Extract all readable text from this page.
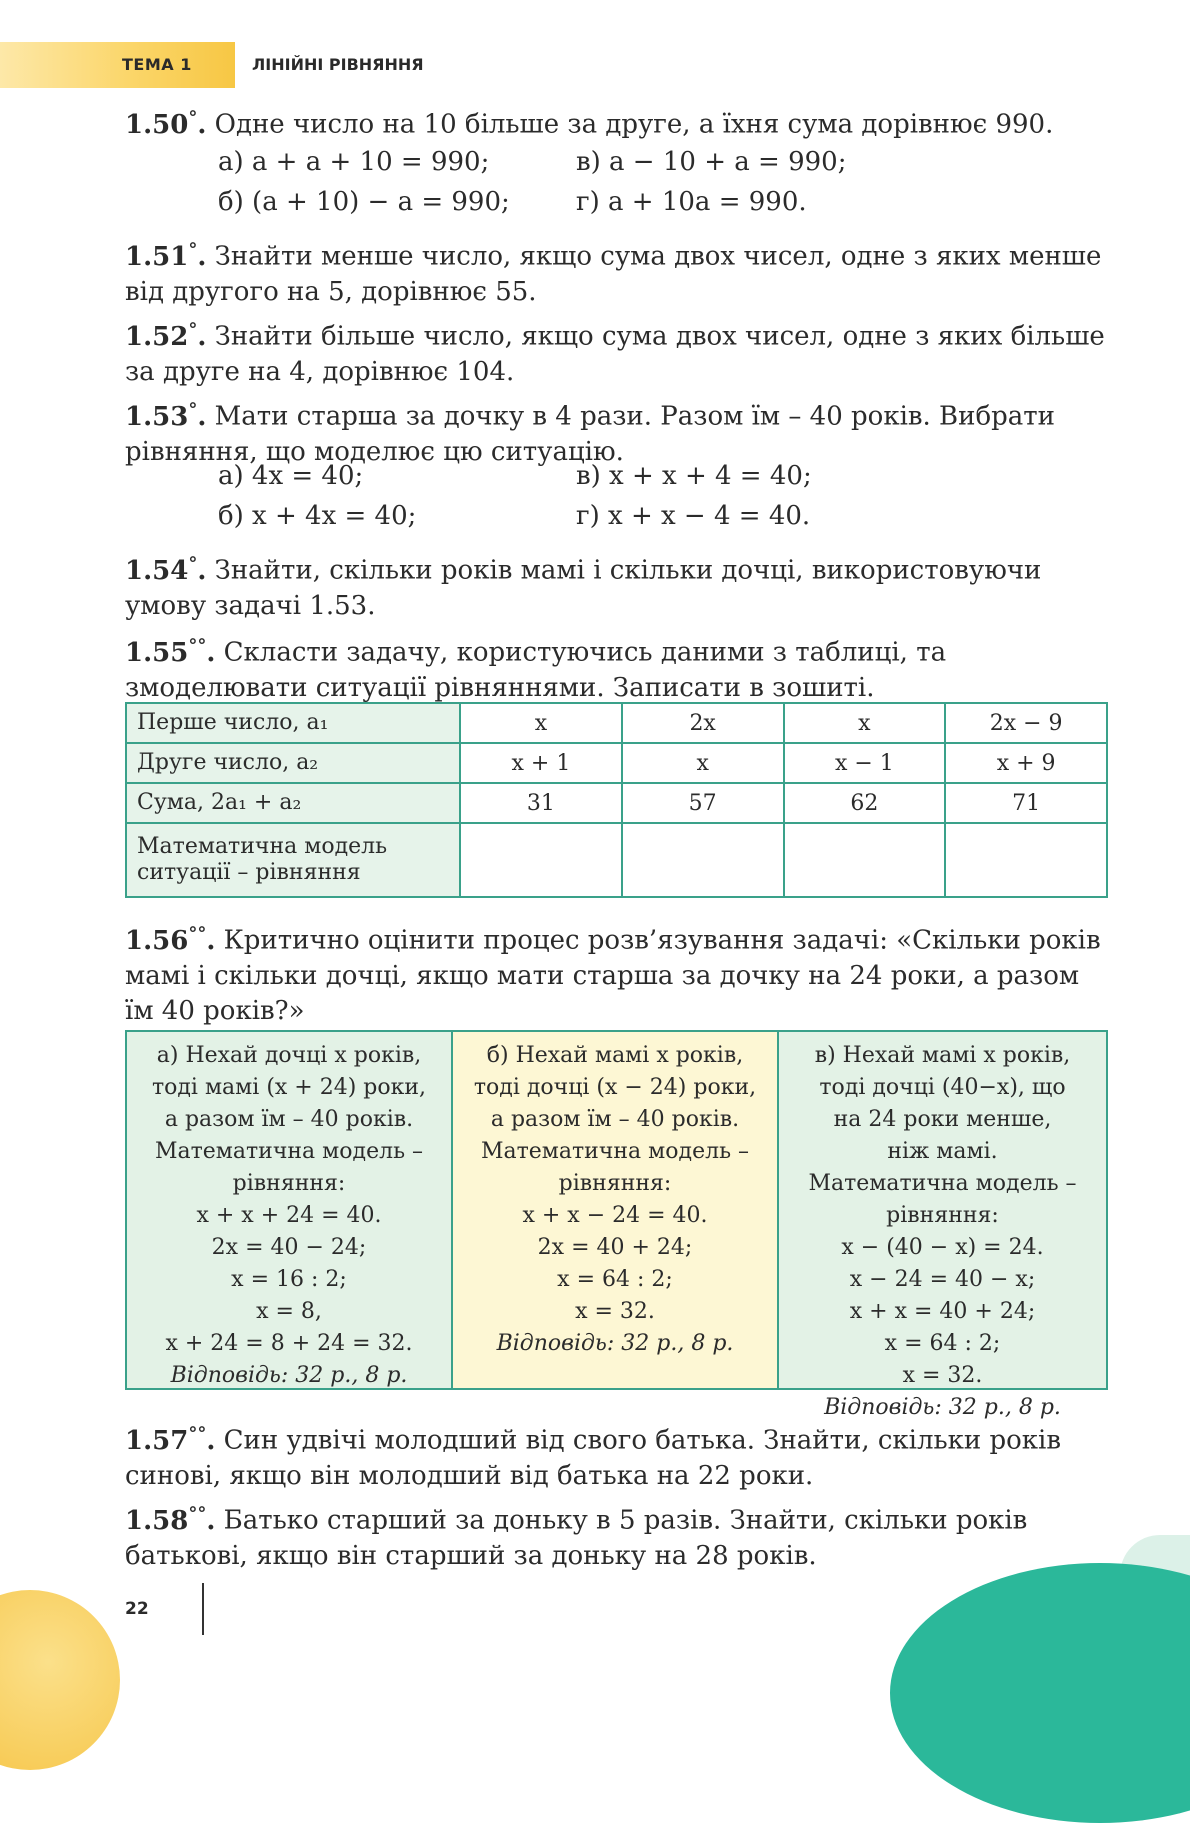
ТЕМА 1	ЛІНІЙНІ РІВНЯННЯ
1.50°. Одне число на 10 більше за друге, а їхня сума дорівнює 990.
а) a + a + 10 = 990;	в) a − 10 + a = 990;
б) (a + 10) − a = 990;	г) a + 10a = 990.
1.51°. Знайти менше число, якщо сума двох чисел, одне з яких менше від другого на 5, дорівнює 55.
1.52°. Знайти більше число, якщо сума двох чисел, одне з яких більше за друге на 4, дорівнює 104.
1.53°. Мати старша за дочку в 4 рази. Разом їм – 40 років. Вибрати рівняння, що моделює цю ситуацію.
а) 4x = 40;	в) x + x + 4 = 40;
б) x + 4x = 40;	г) x + x − 4 = 40.
1.54°. Знайти, скільки років мамі і скільки дочці, використовуючи умову задачі 1.53.
1.55°°. Скласти задачу, користуючись даними з таблиці, та змоделювати ситуації рівняннями. Записати в зошиті.
Перше число, a₁	x	2x	x	2x − 9
Друге число, a₂	x + 1	x	x − 1	x + 9
Сума, 2a₁ + a₂	31	57	62	71
Математична модель ситуації – рівняння				
1.56°°. Критично оцінити процес розв’язування задачі: «Скільки років мамі і скільки дочці, якщо мати старша за дочку на 24 роки, а разом їм 40 років?»
а) Нехай дочці x років,
тоді мамі (x + 24) роки,
а разом їм – 40 років.
Математична модель –
рівняння:
x + x + 24 = 40.
2x = 40 − 24;
x = 16 : 2;
x = 8,
x + 24 = 8 + 24 = 32.
Відповідь: 32 р., 8 р.
б) Нехай мамі x років,
тоді дочці (x − 24) роки,
а разом їм – 40 років.
Математична модель –
рівняння:
x + x − 24 = 40.
2x = 40 + 24;
x = 64 : 2;
x = 32.
Відповідь: 32 р., 8 р.
в) Нехай мамі x років,
тоді дочці (40−x), що
на 24 роки менше,
ніж мамі.
Математична модель –
рівняння:
x − (40 − x) = 24.
x − 24 = 40 − x;
x + x = 40 + 24;
x = 64 : 2;
x = 32.
Відповідь: 32 р., 8 р.
1.57°°. Син удвічі молодший від свого батька. Знайти, скільки років синові, якщо він молодший від батька на 22 роки.
1.58°°. Батько старший за доньку в 5 разів. Знайти, скільки років батькові, якщо він старший за доньку на 28 років.
22
